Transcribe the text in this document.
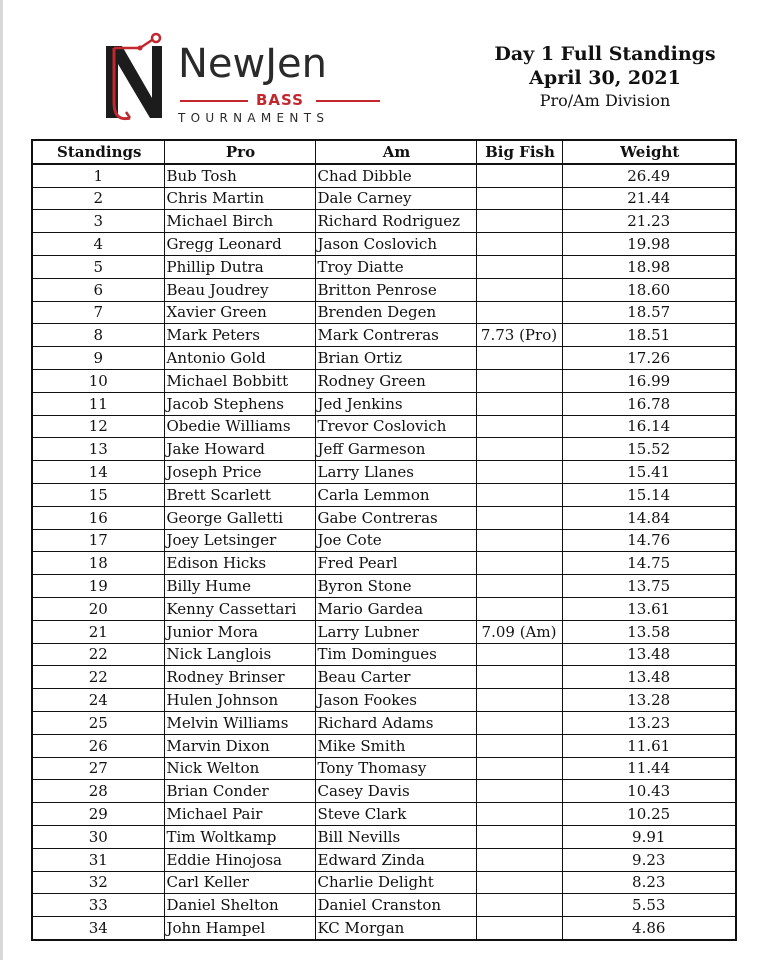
NewJen
BASS
TOURNAMENTS
Day 1 Full Standings
April 30, 2021
Pro/Am Division
Standings	Pro	Am	Big Fish	Weight
1	Bub Tosh	Chad Dibble		26.49
2	Chris Martin	Dale Carney		21.44
3	Michael Birch	Richard Rodriguez		21.23
4	Gregg Leonard	Jason Coslovich		19.98
5	Phillip Dutra	Troy Diatte		18.98
6	Beau Joudrey	Britton Penrose		18.60
7	Xavier Green	Brenden Degen		18.57
8	Mark Peters	Mark Contreras	7.73 (Pro)	18.51
9	Antonio Gold	Brian Ortiz		17.26
10	Michael Bobbitt	Rodney Green		16.99
11	Jacob Stephens	Jed Jenkins		16.78
12	Obedie Williams	Trevor Coslovich		16.14
13	Jake Howard	Jeff Garmeson		15.52
14	Joseph Price	Larry Llanes		15.41
15	Brett Scarlett	Carla Lemmon		15.14
16	George Galletti	Gabe Contreras		14.84
17	Joey Letsinger	Joe Cote		14.76
18	Edison Hicks	Fred Pearl		14.75
19	Billy Hume	Byron Stone		13.75
20	Kenny Cassettari	Mario Gardea		13.61
21	Junior Mora	Larry Lubner	7.09 (Am)	13.58
22	Nick Langlois	Tim Domingues		13.48
22	Rodney Brinser	Beau Carter		13.48
24	Hulen Johnson	Jason Fookes		13.28
25	Melvin Williams	Richard Adams		13.23
26	Marvin Dixon	Mike Smith		11.61
27	Nick Welton	Tony Thomasy		11.44
28	Brian Conder	Casey Davis		10.43
29	Michael Pair	Steve Clark		10.25
30	Tim Woltkamp	Bill Nevills		9.91
31	Eddie Hinojosa	Edward Zinda		9.23
32	Carl Keller	Charlie Delight		8.23
33	Daniel Shelton	Daniel Cranston		5.53
34	John Hampel	KC Morgan		4.86
